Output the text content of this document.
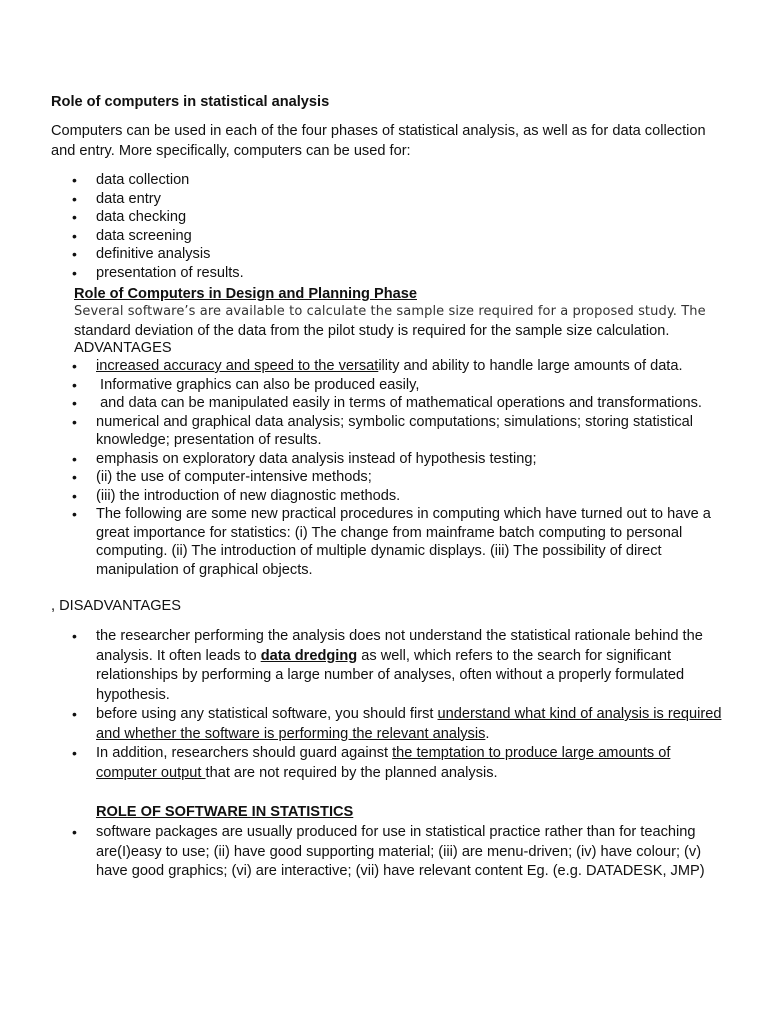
Role of computers in statistical analysis
Computers can be used in each of the four phases of statistical analysis, as well as for data collection and entry. More specifically, computers can be used for:
• data collection
• data entry
• data checking
• data screening
• definitive analysis
• presentation of results.
Role of Computers in Design and Planning Phase
Several software’s are available to calculate the sample size required for a proposed study. The
standard deviation of the data from the pilot study is required for the sample size calculation.
ADVANTAGES
• increased accuracy and speed to the versatility and ability to handle large amounts of data.
•  Informative graphics can also be produced easily,
•  and data can be manipulated easily in terms of mathematical operations and transformations.
• numerical and graphical data analysis; symbolic computations; simulations; storing statistical knowledge; presentation of results.
• emphasis on exploratory data analysis instead of hypothesis testing;
• (ii) the use of computer-intensive methods;
• (iii) the introduction of new diagnostic methods.
• The following are some new practical procedures in computing which have turned out to have a great importance for statistics: (i) The change from mainframe batch computing to personal computing. (ii) The introduction of multiple dynamic displays. (iii) The possibility of direct manipulation of graphical objects.
, DISADVANTAGES
• the researcher performing the analysis does not understand the statistical rationale behind the analysis. It often leads to data dredging as well, which refers to the search for significant relationships by performing a large number of analyses, often without a properly formulated hypothesis.
• before using any statistical software, you should first understand what kind of analysis is required and whether the software is performing the relevant analysis.
• In addition, researchers should guard against the temptation to produce large amounts of computer output that are not required by the planned analysis.
ROLE OF SOFTWARE IN STATISTICS
• software packages are usually produced for use in statistical practice rather than for teaching are(I)easy to use; (ii) have good supporting material; (iii) are menu-driven; (iv) have colour; (v) have good graphics; (vi) are interactive; (vii) have relevant content Eg. (e.g. DATADESK, JMP)
